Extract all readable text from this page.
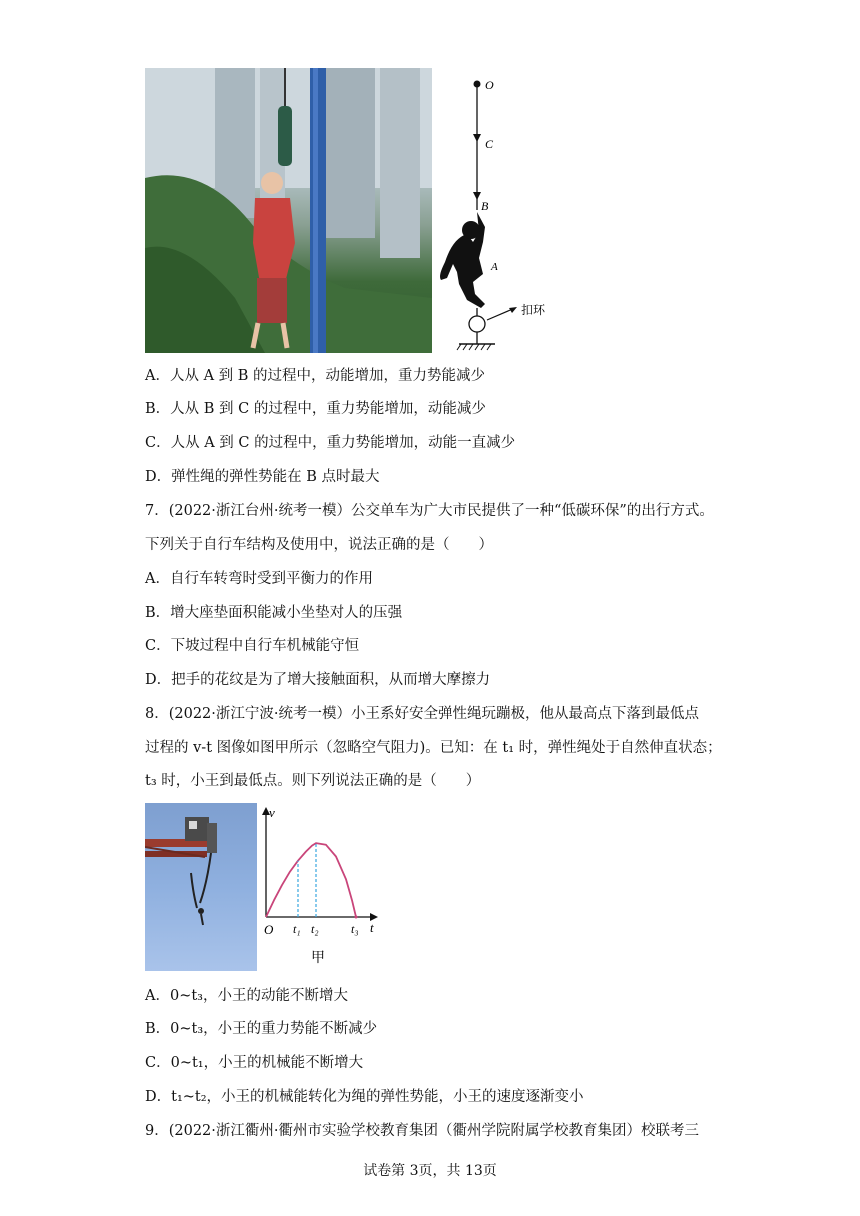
O
C
B
A
扣环
A．人从 A 到 B 的过程中，动能增加，重力势能减少
B．人从 B 到 C 的过程中，重力势能增加，动能减少
C．人从 A 到 C 的过程中，重力势能增加，动能一直减少
D．弹性绳的弹性势能在 B 点时最大
7．(2022·浙江台州·统考一模）公交单车为广大市民提供了一种“低碳环保”的出行方式。
下列关于自行车结构及使用中，说法正确的是（　　）
A．自行车转弯时受到平衡力的作用
B．增大座垫面积能减小坐垫对人的压强
C．下坡过程中自行车机械能守恒
D．把手的花纹是为了增大接触面积，从而增大摩擦力
8．(2022·浙江宁波·统考一模）小王系好安全弹性绳玩蹦极，他从最高点下落到最低点
过程的 v-t 图像如图甲所示（忽略空气阻力)。已知：在 t₁ 时，弹性绳处于自然伸直状态；
t₃ 时，小王到最低点。则下列说法正确的是（　　）
O
v
t
t₁ t₂	t₃
甲
A．0~t₃，小王的动能不断增大
B．0~t₃，小王的重力势能不断减少
C．0~t₁，小王的机械能不断增大
D．t₁~t₂，小王的机械能转化为绳的弹性势能，小王的速度逐渐变小
9．(2022·浙江衢州·衢州市实验学校教育集团（衢州学院附属学校教育集团）校联考三
试卷第 3页，共 13页
